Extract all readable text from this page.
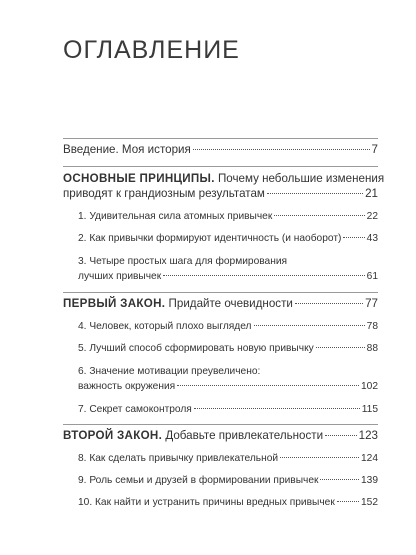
ОГЛАВЛЕНИЕ
Введение. Моя история	7
ОСНОВНЫЕ ПРИНЦИПЫ. Почему небольшие изменения
приводят к грандиозным результатам	21
1. Удивительная сила атомных привычек	22
2. Как привычки формируют идентичность (и наоборот) 43
3. Четыре простых шага для формирования
лучших привычек	61
ПЕРВЫЙ ЗАКОН. Придайте очевидности	77
4. Человек, который плохо выглядел	78
5. Лучший способ сформировать новую привычку	88
6. Значение мотивации преувеличено:
важность окружения	102
7. Секрет самоконтроля	115
ВТОРОЙ ЗАКОН. Добавьте привлекательности	123
8. Как сделать привычку привлекательной	124
9. Роль семьи и друзей в формировании привычек	139
10. Как найти и устранить причины вредных привычек	152
